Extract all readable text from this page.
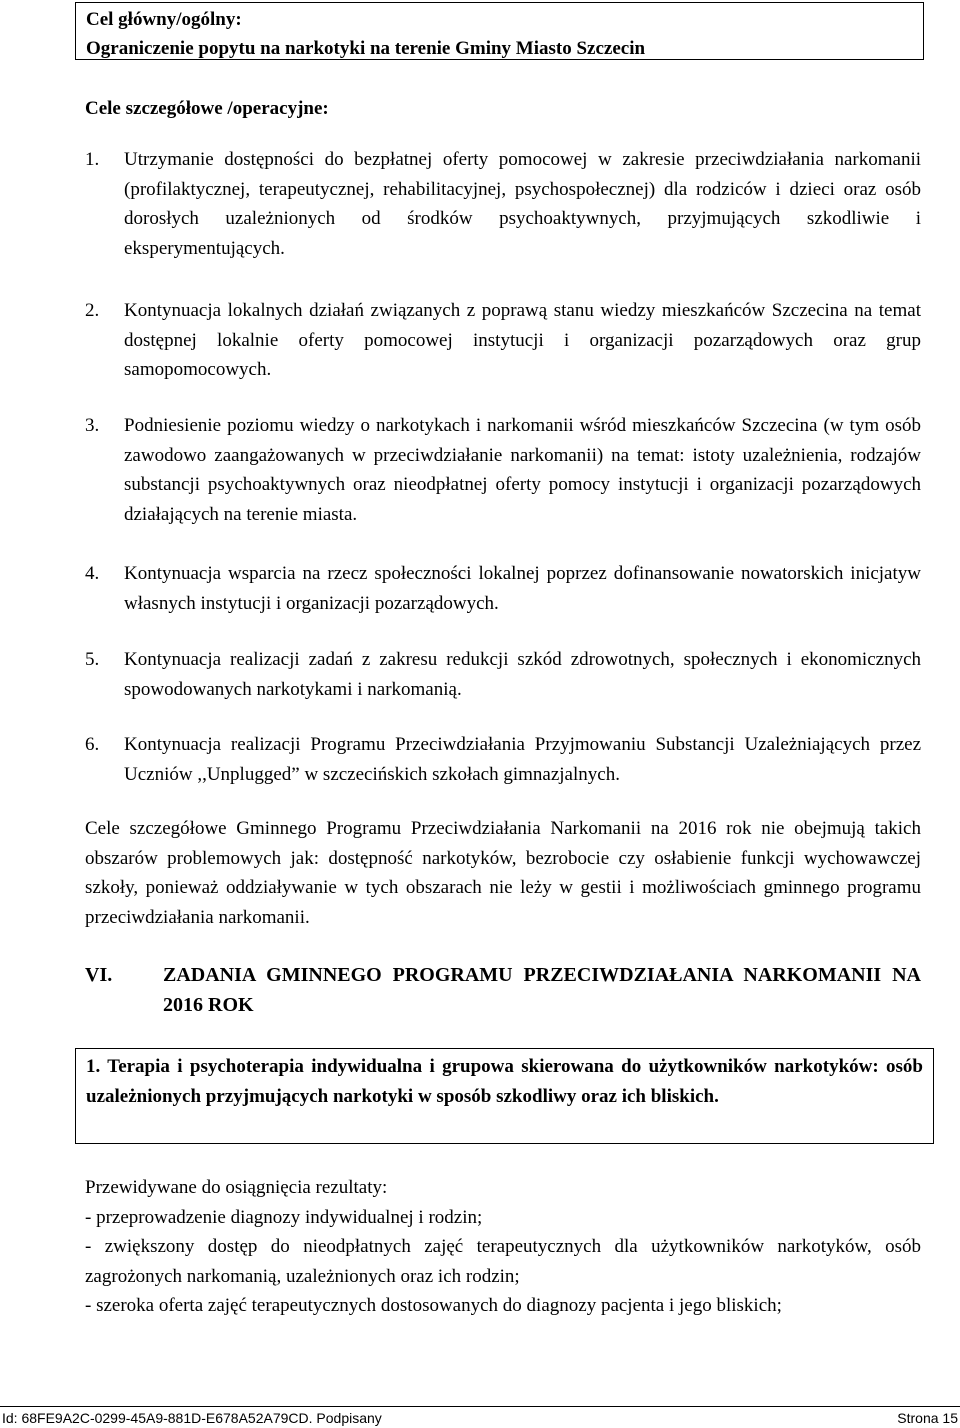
Cel główny/ogólny:
Ograniczenie popytu na narkotyki na terenie Gminy Miasto Szczecin
Cele szczegółowe /operacyjne:
1. Utrzymanie dostępności do bezpłatnej oferty pomocowej w zakresie przeciwdziałania narkomanii (profilaktycznej, terapeutycznej, rehabilitacyjnej, psychospołecznej) dla rodziców i dzieci oraz osób dorosłych uzależnionych od środków psychoaktywnych, przyjmujących szkodliwie i eksperymentujących.
2. Kontynuacja lokalnych działań związanych z poprawą stanu wiedzy mieszkańców Szczecina na temat dostępnej lokalnie oferty pomocowej instytucji i organizacji pozarządowych oraz grup samopomocowych.
3. Podniesienie poziomu wiedzy o narkotykach i narkomanii wśród mieszkańców Szczecina (w tym osób zawodowo zaangażowanych w przeciwdziałanie narkomanii) na temat: istoty uzależnienia, rodzajów substancji psychoaktywnych oraz nieodpłatnej oferty pomocy instytucji i organizacji pozarządowych działających na terenie miasta.
4. Kontynuacja wsparcia na rzecz społeczności lokalnej poprzez dofinansowanie nowatorskich inicjatyw własnych instytucji i organizacji pozarządowych.
5. Kontynuacja realizacji zadań z zakresu redukcji szkód zdrowotnych, społecznych i ekonomicznych spowodowanych narkotykami i narkomanią.
6. Kontynuacja realizacji Programu Przeciwdziałania Przyjmowaniu Substancji Uzależniających przez Uczniów ,,Unplugged” w szczecińskich szkołach gimnazjalnych.
Cele szczegółowe Gminnego Programu Przeciwdziałania Narkomanii na 2016 rok nie obejmują takich obszarów problemowych jak: dostępność narkotyków, bezrobocie czy osłabienie funkcji wychowawczej szkoły, ponieważ oddziaływanie w tych obszarach nie leży w gestii i możliwościach gminnego programu przeciwdziałania narkomanii.
VI.	ZADANIA GMINNEGO PROGRAMU PRZECIWDZIAŁANIA NARKOMANII NA 2016 ROK
1. Terapia i psychoterapia indywidualna i grupowa skierowana do użytkowników narkotyków: osób uzależnionych przyjmujących narkotyki w sposób szkodliwy oraz ich bliskich.
Przewidywane do osiągnięcia rezultaty:
- przeprowadzenie diagnozy indywidualnej i rodzin;
- zwiększony dostęp do nieodpłatnych zajęć terapeutycznych dla użytkowników narkotyków, osób zagrożonych narkomanią, uzależnionych oraz ich rodzin;
- szeroka oferta zajęć terapeutycznych dostosowanych do diagnozy pacjenta i jego bliskich;
Id: 68FE9A2C-0299-45A9-881D-E678A52A79CD. Podpisany	Strona 15
